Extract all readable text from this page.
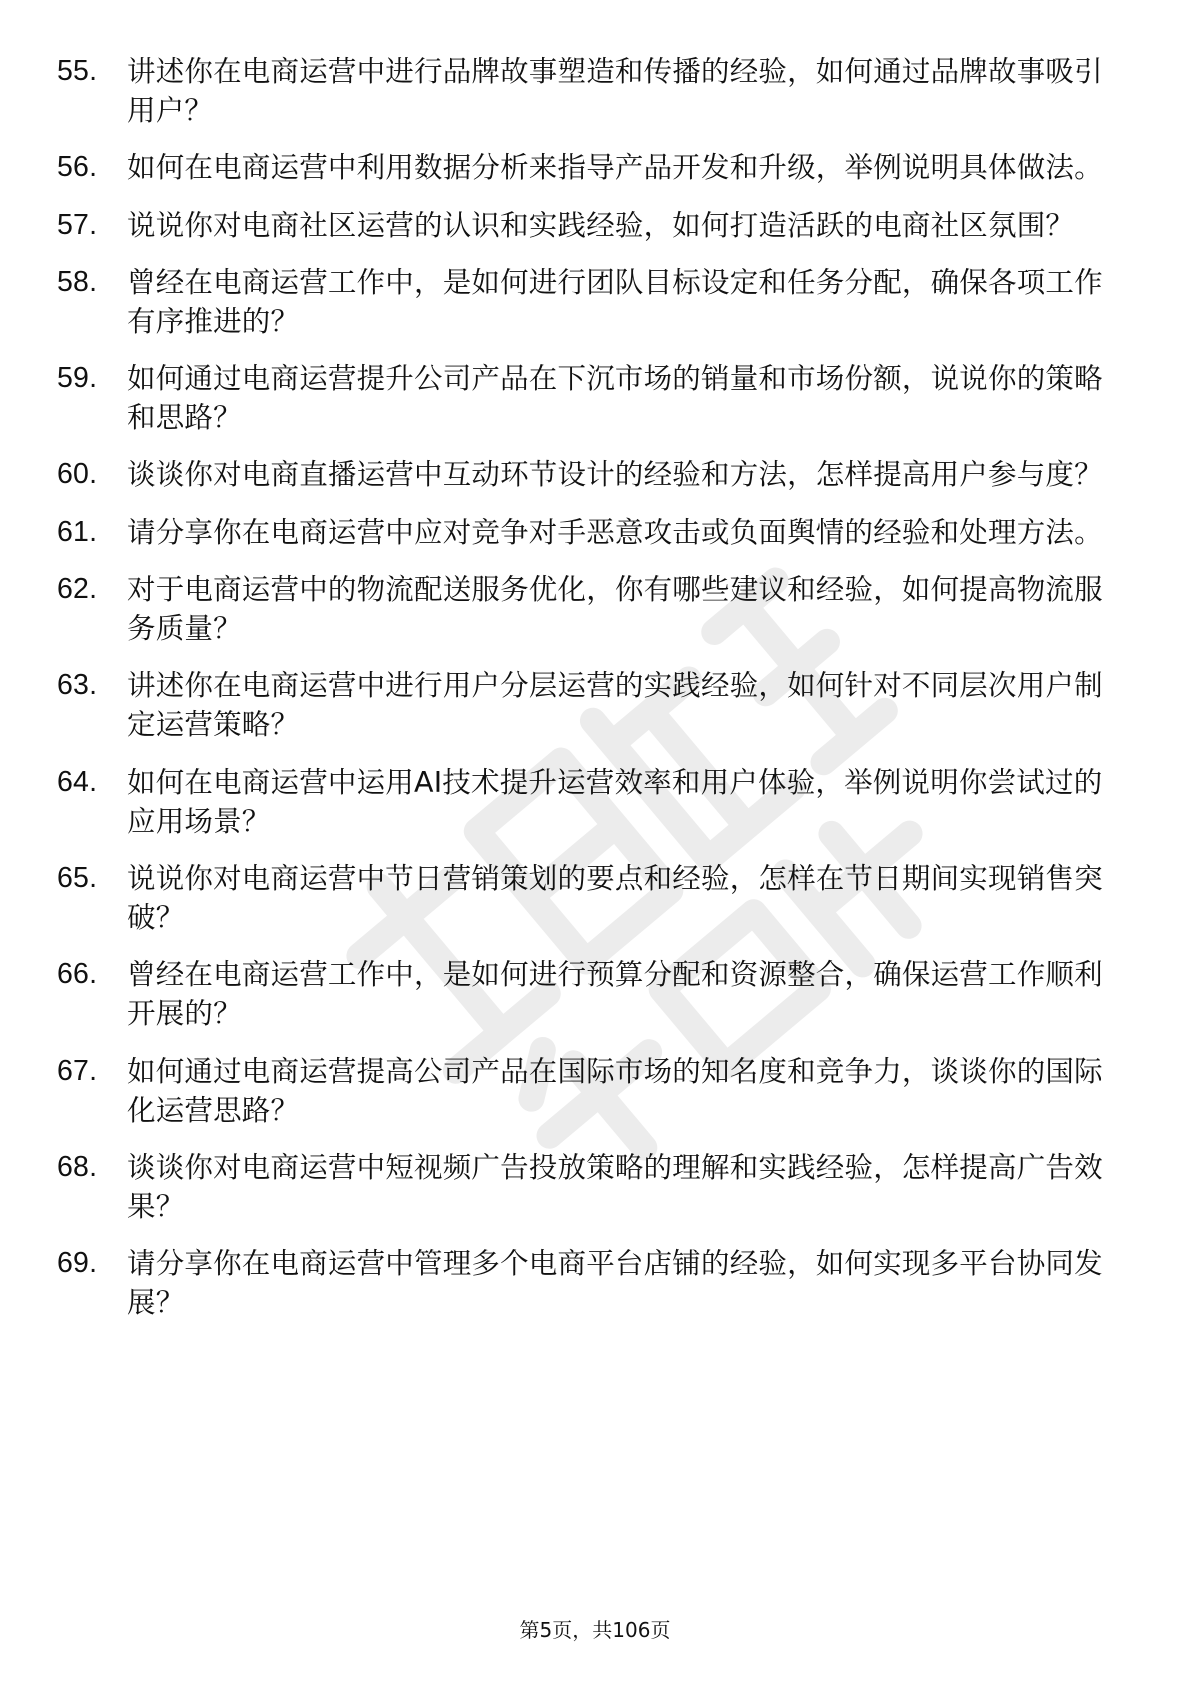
55.	讲述你在电商运营中进行品牌故事塑造和传播的经验，如何通过品牌故事吸引用户？
56.	如何在电商运营中利用数据分析来指导产品开发和升级，举例说明具体做法。
57.	说说你对电商社区运营的认识和实践经验，如何打造活跃的电商社区氛围？
58.	曾经在电商运营工作中，是如何进行团队目标设定和任务分配，确保各项工作有序推进的？
59.	如何通过电商运营提升公司产品在下沉市场的销量和市场份额，说说你的策略和思路？
60.	谈谈你对电商直播运营中互动环节设计的经验和方法，怎样提高用户参与度？
61.	请分享你在电商运营中应对竞争对手恶意攻击或负面舆情的经验和处理方法。
62.	对于电商运营中的物流配送服务优化，你有哪些建议和经验，如何提高物流服务质量？
63.	讲述你在电商运营中进行用户分层运营的实践经验，如何针对不同层次用户制定运营策略？
64.	如何在电商运营中运用AI技术提升运营效率和用户体验，举例说明你尝试过的应用场景？
65.	说说你对电商运营中节日营销策划的要点和经验，怎样在节日期间实现销售突破？
66.	曾经在电商运营工作中，是如何进行预算分配和资源整合，确保运营工作顺利开展的？
67.	如何通过电商运营提高公司产品在国际市场的知名度和竞争力，谈谈你的国际化运营思路？
68.	谈谈你对电商运营中短视频广告投放策略的理解和实践经验，怎样提高广告效果？
69.	请分享你在电商运营中管理多个电商平台店铺的经验，如何实现多平台协同发展？
第5页，共106页
